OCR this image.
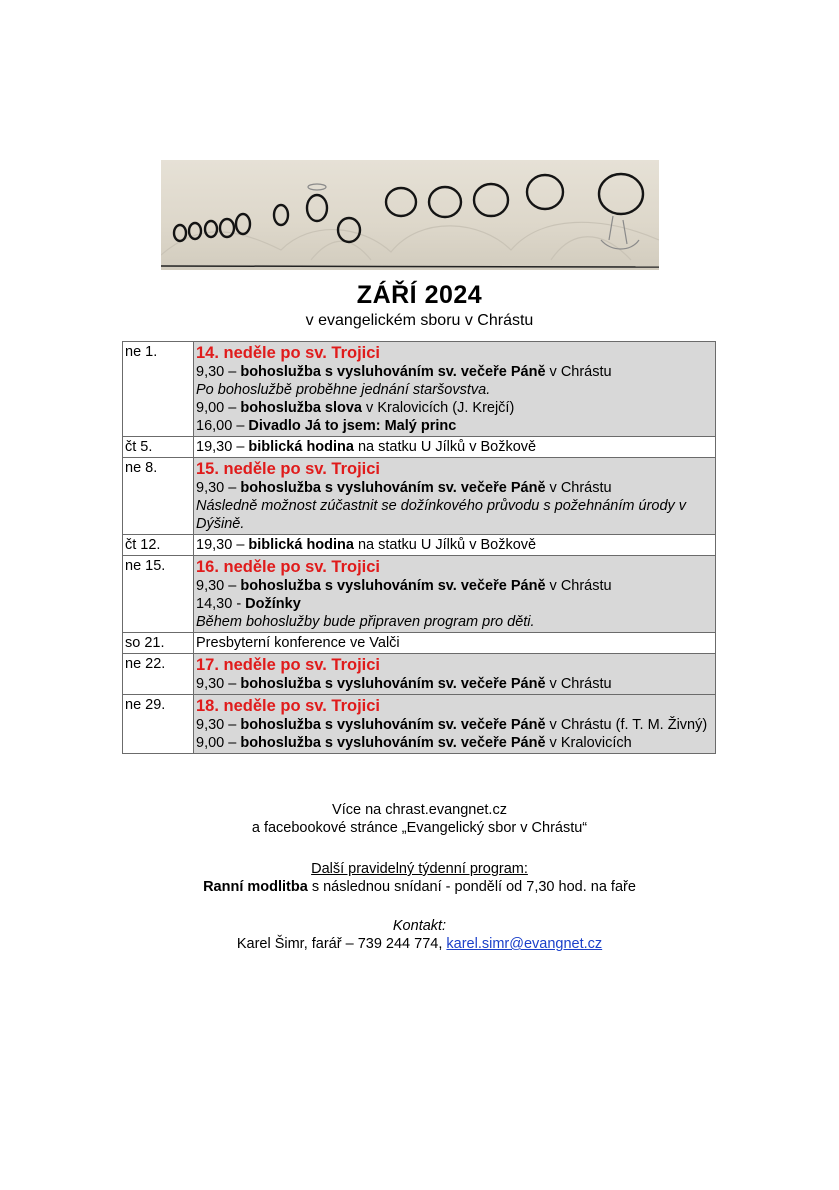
ZÁŘÍ 2024
v evangelickém sboru v Chrástu
ne 1.	14. neděle po sv. Trojici
9,30 – bohoslužba s vysluhováním sv. večeře Páně v Chrástu
Po bohoslužbě proběhne jednání staršovstva.
9,00 – bohoslužba slova v Kralovicích (J. Krejčí)
16,00 – Divadlo Já to jsem: Malý princ

čt 5.	19,30 – biblická hodina na statku U Jílků v Božkově
ne 8.	15. neděle po sv. Trojici
9,30 – bohoslužba s vysluhováním sv. večeře Páně v Chrástu
Následně možnost zúčastnit se dožínkového průvodu s požehnáním úrody v Dýšině.

čt 12.	19,30 – biblická hodina na statku U Jílků v Božkově
ne 15.	16. neděle po sv. Trojici
9,30 – bohoslužba s vysluhováním sv. večeře Páně v Chrástu
14,30 - Dožínky
Během bohoslužby bude připraven program pro děti.

so 21.	Presbyterní konference ve Valči
ne 22.	17. neděle po sv. Trojici
9,30 – bohoslužba s vysluhováním sv. večeře Páně v Chrástu

ne 29.	18. neděle po sv. Trojici
9,30 – bohoslužba s vysluhováním sv. večeře Páně v Chrástu (f. T. M. Živný)
9,00 – bohoslužba s vysluhováním sv. večeře Páně v Kralovicích
Více na chrast.evangnet.cz
a facebookové stránce „Evangelický sbor v Chrástu“
Další pravidelný týdenní program:
Ranní modlitba s následnou snídaní - pondělí od 7,30 hod. na faře
Kontakt:
Karel Šimr, farář – 739 244 774, karel.simr@evangnet.cz
